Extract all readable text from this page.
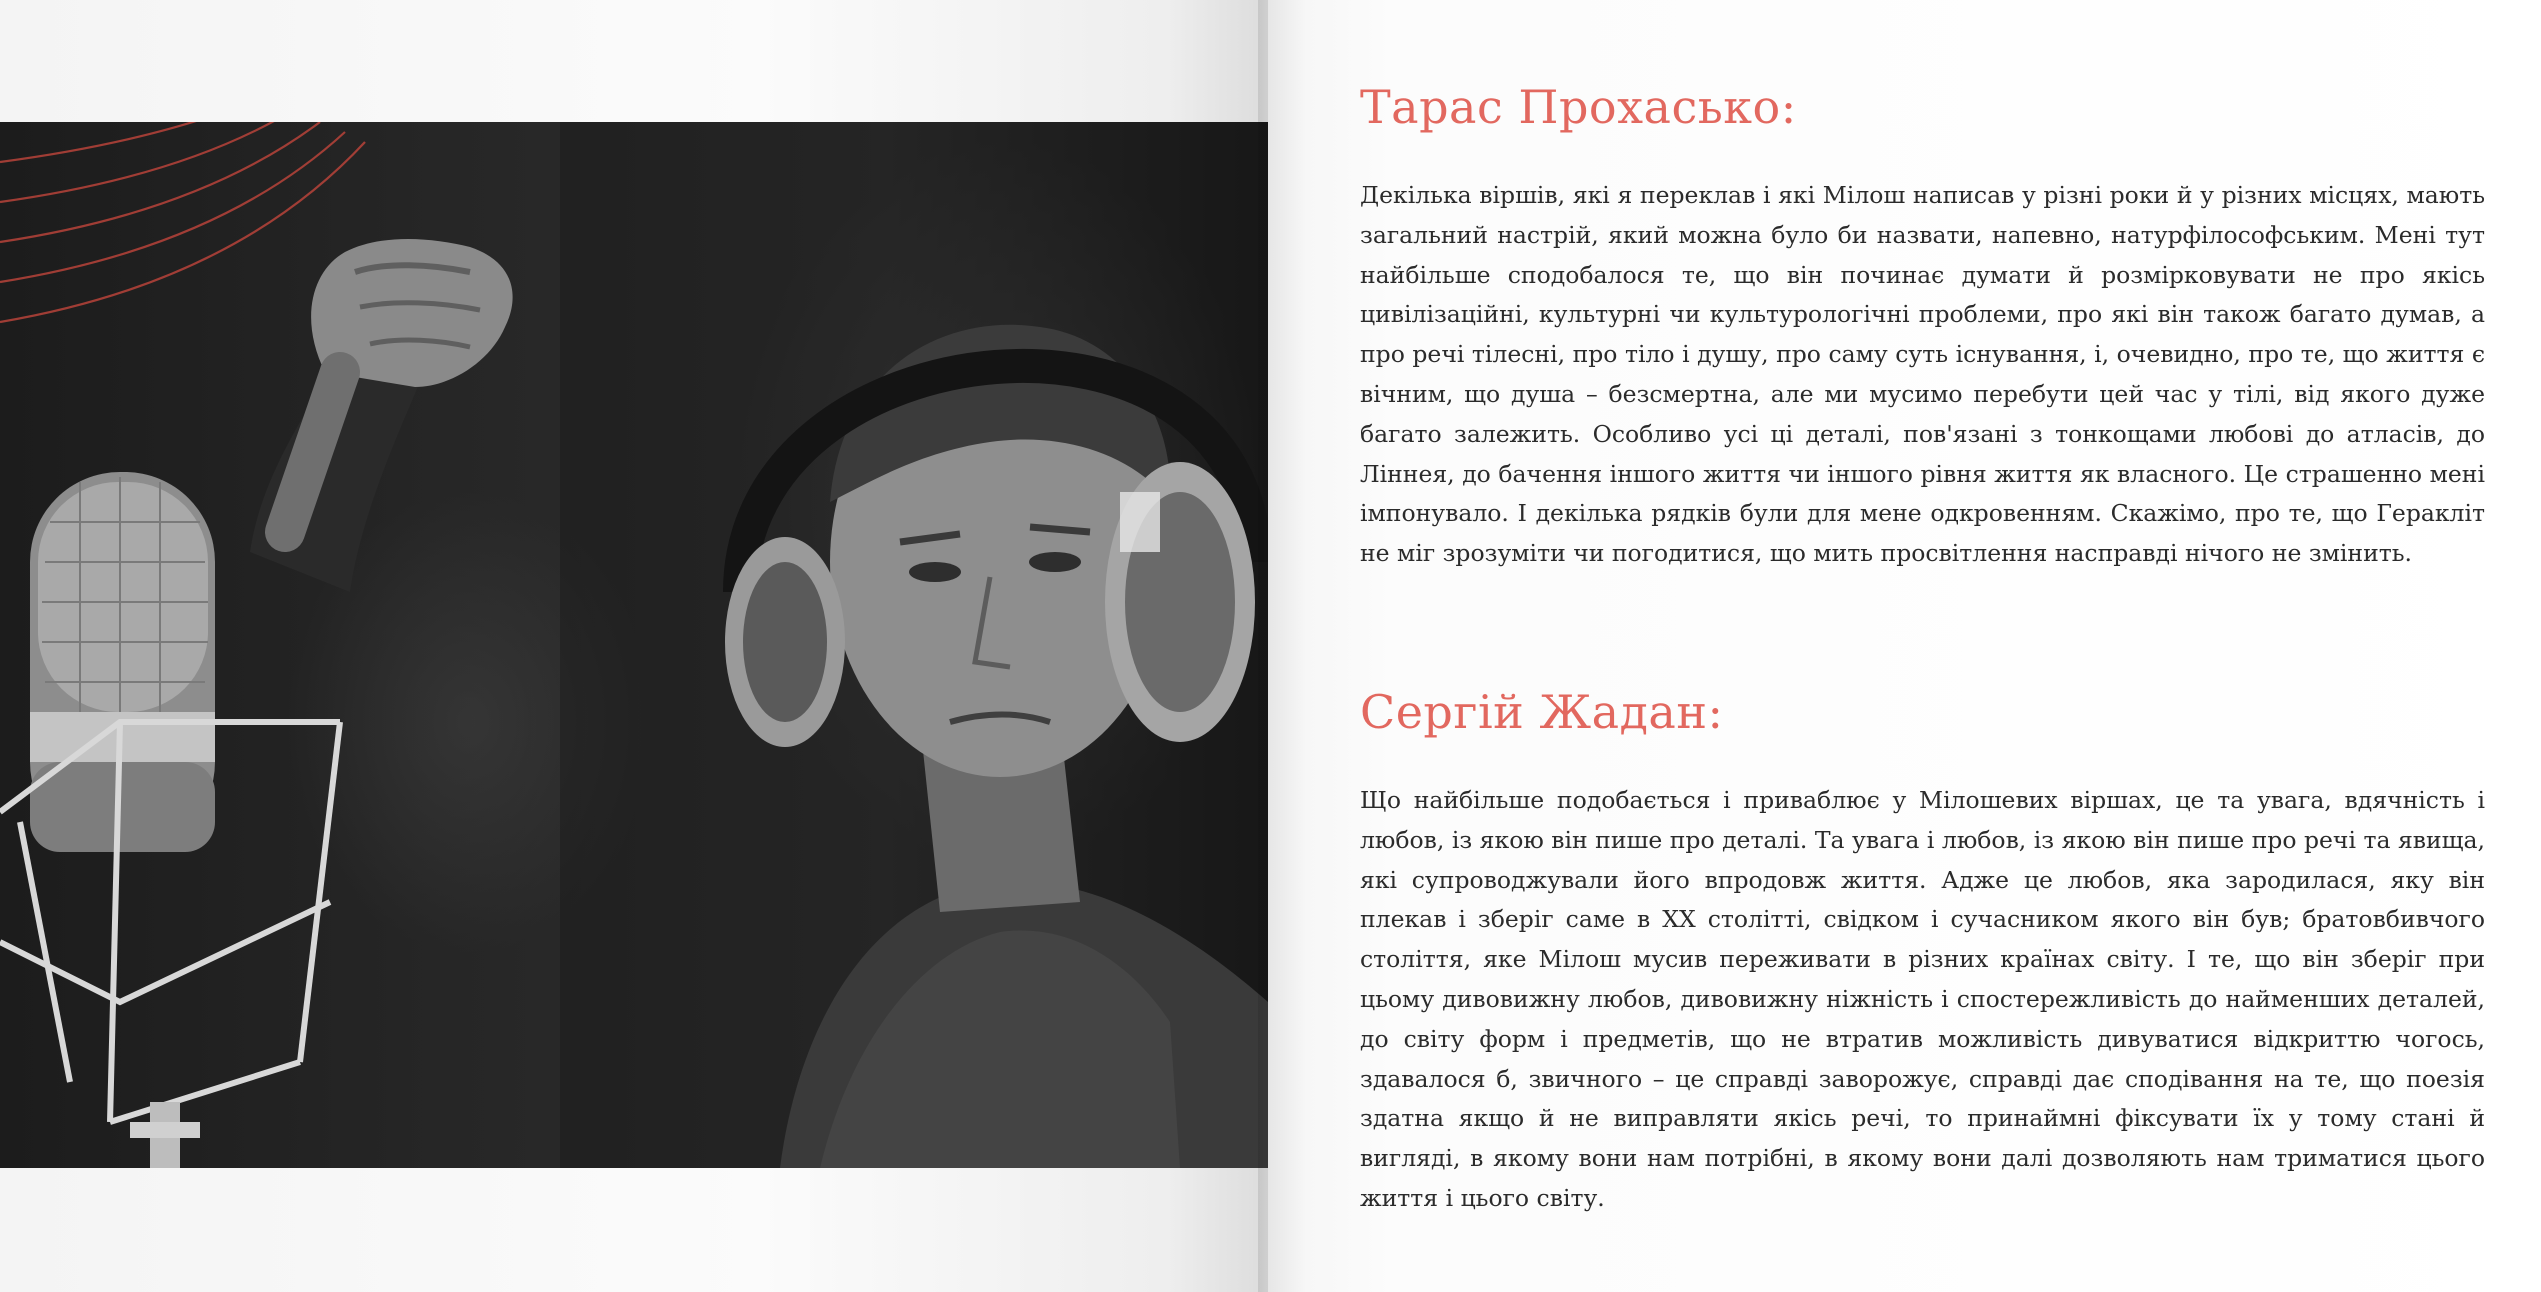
Тарас Прохасько:

Декілька віршів, які я переклав і які Мілош написав у різні роки й у різних місцях, мають загальний настрій, який можна було би назвати, напевно, натурфілософським. Мені тут найбільше сподобалося те, що він починає думати й розмірковувати не про якісь цивілізаційні, культурні чи культурологічні проблеми, про які він також багато думав, а про речі тілесні, про тіло і душу, про саму суть існування, і, очевидно, про те, що життя є вічним, що душа – безсмертна, але ми мусимо перебути цей час у тілі, від якого дуже багато залежить. Особливо усі ці деталі, пов'язані з тонкощами любові до атласів, до Ліннея, до бачення іншого життя чи іншого рівня життя як власного. Це страшенно мені імпонувало. І декілька рядків були для мене одкровенням. Скажімо, про те, що Геракліт не міг зрозуміти чи погодитися, що мить просвітлення насправді нічого не змінить.

Сергій Жадан:

Що найбільше подобається і приваблює у Мілошевих віршах, це та увага, вдячність і любов, із якою він пише про деталі. Та увага і любов, із якою він пише про речі та явища, які супроводжували його впродовж життя. Адже це любов, яка зародилася, яку він плекав і зберіг саме в ХХ столітті, свідком і сучасником якого він був; братовбивчого століття, яке Мілош мусив переживати в різних країнах світу. І те, що він зберіг при цьому дивовижну любов, дивовижну ніжність і спостережливість до найменших деталей, до світу форм і предметів, що не втратив можливість дивуватися відкриттю чогось, здавалося б, звичного – це справді заворожує, справді дає сподівання на те, що поезія здатна якщо й не виправляти якісь речі, то принаймні фіксувати їх у тому стані й вигляді, в якому вони нам потрібні, в якому вони далі дозволяють нам триматися цього життя і цього світу.
